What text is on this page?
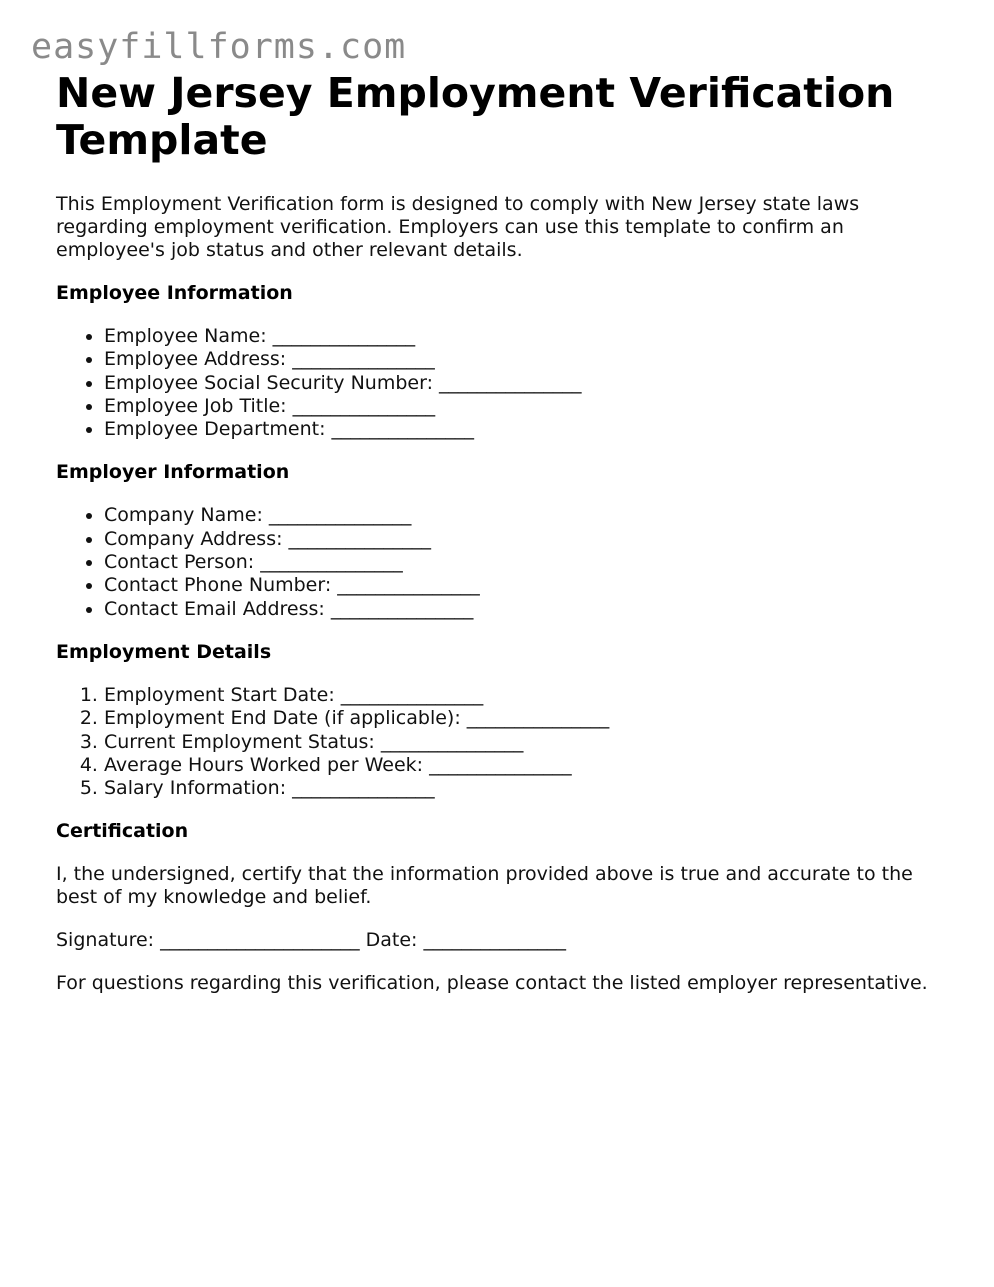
easyfillforms.com
New Jersey Employment Verification Template

This Employment Verification form is designed to comply with New Jersey state laws regarding employment verification. Employers can use this template to confirm an employee's job status and other relevant details.

Employee Information
• Employee Name: _______________
• Employee Address: _______________
• Employee Social Security Number: _______________
• Employee Job Title: _______________
• Employee Department: _______________
Employer Information
• Company Name: _______________
• Company Address: _______________
• Contact Person: _______________
• Contact Phone Number: _______________
• Contact Email Address: _______________
Employment Details
1. Employment Start Date: _______________
2. Employment End Date (if applicable): _______________
3. Current Employment Status: _______________
4. Average Hours Worked per Week: _______________
5. Salary Information: _______________
Certification

I, the undersigned, certify that the information provided above is true and accurate to the best of my knowledge and belief.

Signature: _____________________ Date: _______________

For questions regarding this verification, please contact the listed employer representative.
